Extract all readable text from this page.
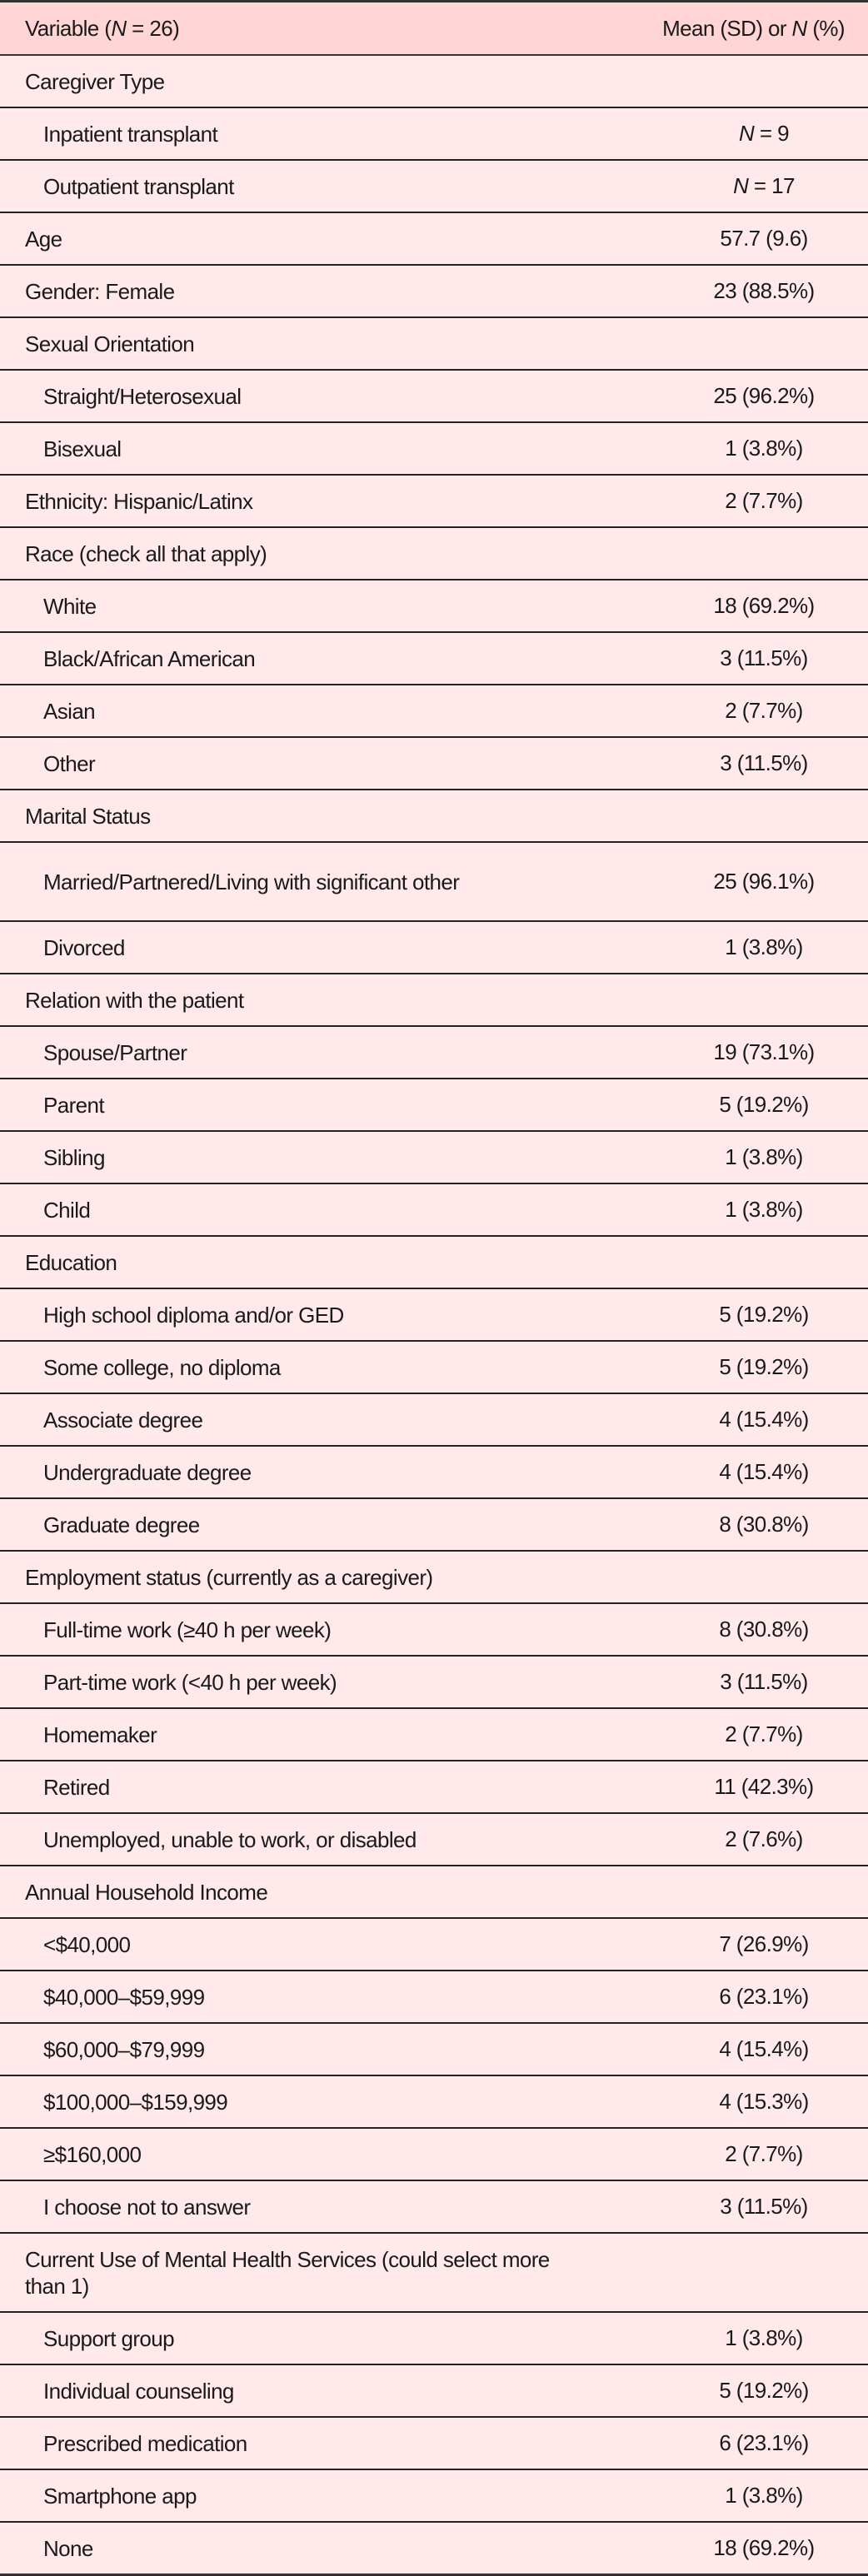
Variable (N = 26)	Mean (SD) or N (%)
Caregiver Type	
Inpatient transplant	N = 9
Outpatient transplant	N = 17
Age	57.7 (9.6)
Gender: Female	23 (88.5%)
Sexual Orientation	
Straight/Heterosexual	25 (96.2%)
Bisexual	1 (3.8%)
Ethnicity: Hispanic/Latinx	2 (7.7%)
Race (check all that apply)	
White	18 (69.2%)
Black/African American	3 (11.5%)
Asian	2 (7.7%)
Other	3 (11.5%)
Marital Status	
Married/Partnered/Living with significant other	25 (96.1%)
Divorced	1 (3.8%)
Relation with the patient	
Spouse/Partner	19 (73.1%)
Parent	5 (19.2%)
Sibling	1 (3.8%)
Child	1 (3.8%)
Education	
High school diploma and/or GED	5 (19.2%)
Some college, no diploma	5 (19.2%)
Associate degree	4 (15.4%)
Undergraduate degree	4 (15.4%)
Graduate degree	8 (30.8%)
Employment status (currently as a caregiver)	
Full-time work (≥40 h per week)	8 (30.8%)
Part-time work (<40 h per week)	3 (11.5%)
Homemaker	2 (7.7%)
Retired	11 (42.3%)
Unemployed, unable to work, or disabled	2 (7.6%)
Annual Household Income	
<$40,000	7 (26.9%)
$40,000–$59,999	6 (23.1%)
$60,000–$79,999	4 (15.4%)
$100,000–$159,999	4 (15.3%)
≥$160,000	2 (7.7%)
I choose not to answer	3 (11.5%)
Current Use of Mental Health Services (could select more than 1)	
Support group	1 (3.8%)
Individual counseling	5 (19.2%)
Prescribed medication	6 (23.1%)
Smartphone app	1 (3.8%)
None	18 (69.2%)
